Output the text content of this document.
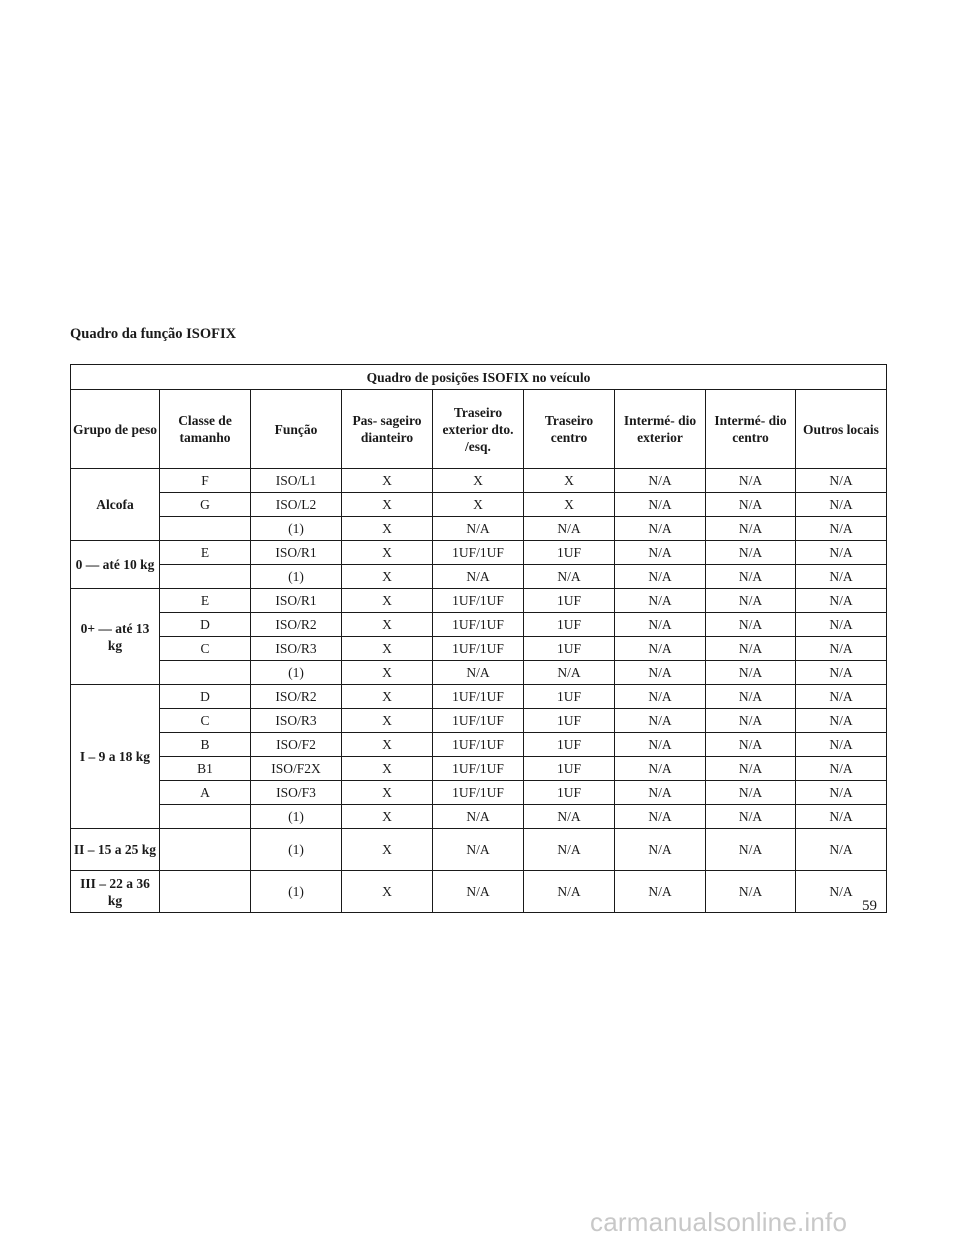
Quadro da função ISOFIX
Quadro de posições ISOFIX no veículo								
Grupo de peso	Classe de tamanho	Função	Pas- sageiro dianteiro	Traseiro exterior dto. /esq.	Traseiro centro	Intermé- dio exterior	Intermé- dio centro	Outros locais
Alcofa	F	ISO/L1	X	X	X	N/A	N/A	N/A
	G	ISO/L2	X	X	X	N/A	N/A	N/A
		(1)	X	N/A	N/A	N/A	N/A	N/A
0 — até 10 kg	E	ISO/R1	X	1UF/1UF	1UF	N/A	N/A	N/A
		(1)	X	N/A	N/A	N/A	N/A	N/A
0+ — até 13 kg	E	ISO/R1	X	1UF/1UF	1UF	N/A	N/A	N/A
	D	ISO/R2	X	1UF/1UF	1UF	N/A	N/A	N/A
	C	ISO/R3	X	1UF/1UF	1UF	N/A	N/A	N/A
		(1)	X	N/A	N/A	N/A	N/A	N/A
I – 9 a 18 kg	D	ISO/R2	X	1UF/1UF	1UF	N/A	N/A	N/A
	C	ISO/R3	X	1UF/1UF	1UF	N/A	N/A	N/A
	B	ISO/F2	X	1UF/1UF	1UF	N/A	N/A	N/A
	B1	ISO/F2X	X	1UF/1UF	1UF	N/A	N/A	N/A
	A	ISO/F3	X	1UF/1UF	1UF	N/A	N/A	N/A
		(1)	X	N/A	N/A	N/A	N/A	N/A
II – 15 a 25 kg		(1)	X	N/A	N/A	N/A	N/A	N/A
III – 22 a 36 kg		(1)	X	N/A	N/A	N/A	N/A	N/A
59
carmanualsonline.info
